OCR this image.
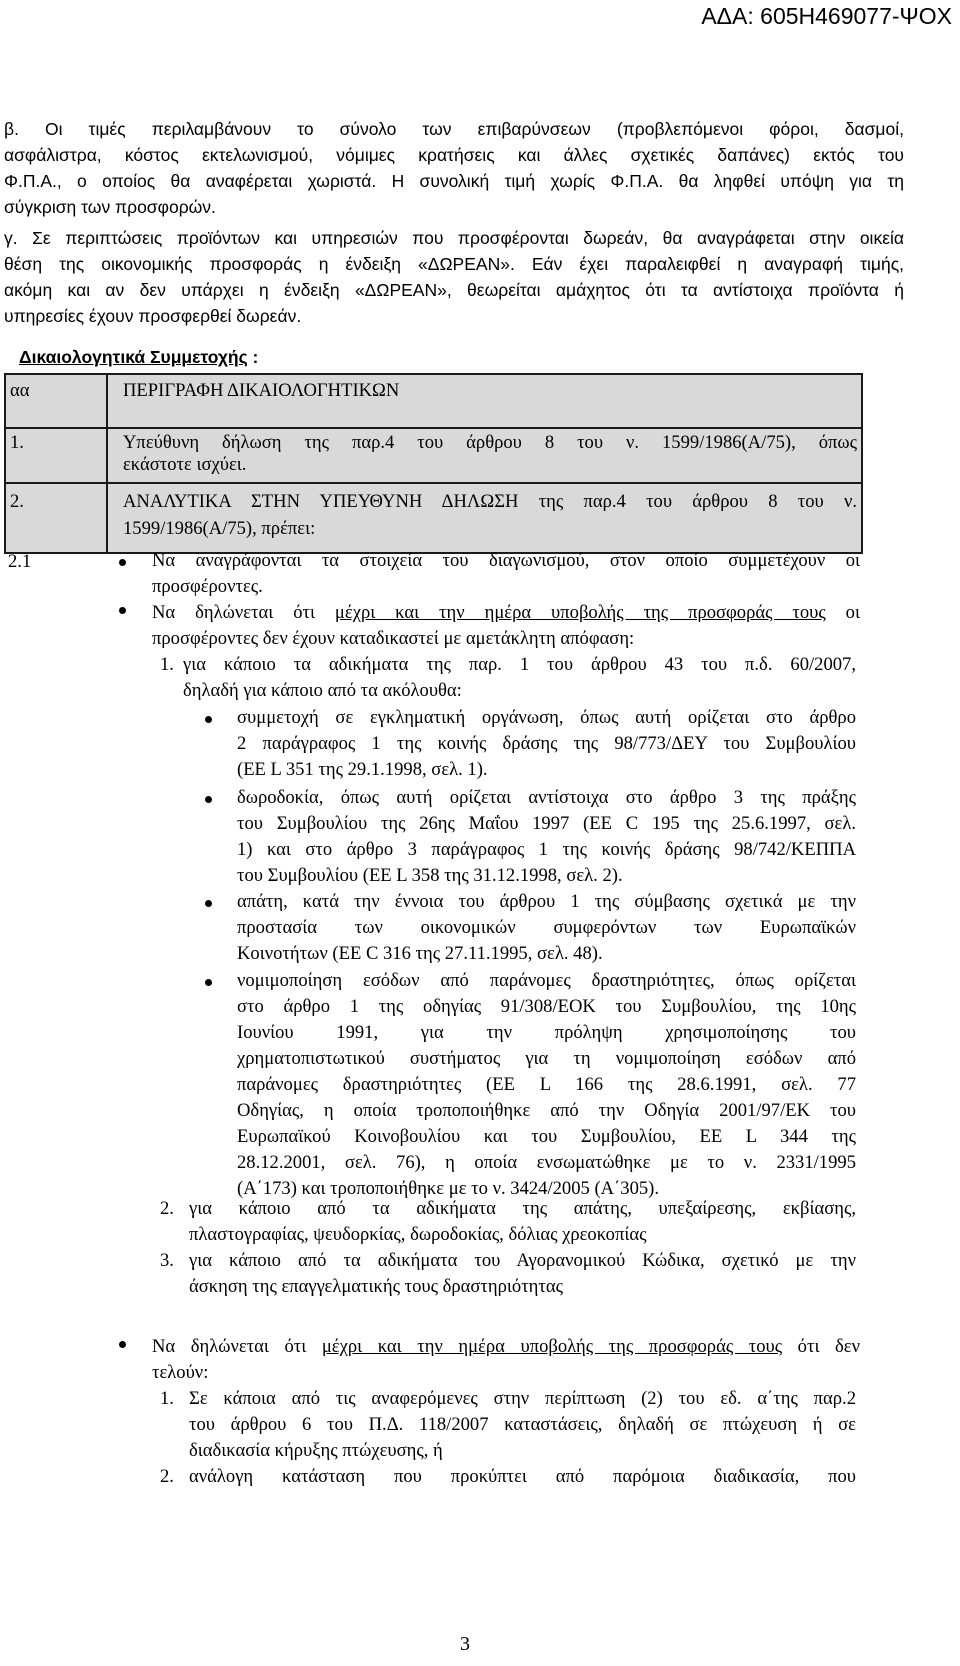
ΑΔΑ: 605Η469077-ΨΟΧ

β. Οι τιμές περιλαμβάνουν το σύνολο των επιβαρύνσεων (προβλεπόμενοι φόροι, δασμοί,

ασφάλιστρα, κόστος εκτελωνισμού, νόμιμες κρατήσεις και άλλες σχετικές δαπάνες) εκτός του

Φ.Π.Α., ο οποίος θα αναφέρεται χωριστά. Η συνολική τιμή χωρίς Φ.Π.Α. θα ληφθεί υπόψη για τη

σύγκριση των προσφορών.

γ. Σε περιπτώσεις προϊόντων και υπηρεσιών που προσφέρονται δωρεάν, θα αναγράφεται στην οικεία

θέση της οικονομικής προσφοράς η ένδειξη «ΔΩΡΕΑΝ». Εάν έχει παραλειφθεί η αναγραφή τιμής,

ακόμη και αν δεν υπάρχει η ένδειξη «ΔΩΡΕΑΝ», θεωρείται αμάχητος ότι τα αντίστοιχα προϊόντα ή

υπηρεσίες έχουν προσφερθεί δωρεάν.

Δικαιολογητικά Συμμετοχής :
αα	ΠΕΡΙΓΡΑΦΗ ΔΙΚΑΙΟΛΟΓΗΤΙΚΩΝ
1.	Υπεύθυνη δήλωση της παρ.4 του άρθρου 8 του ν. 1599/1986(Α/75), όπως
εκάστοτε ισχύει.

2.	ΑΝΑΛΥΤΙΚΑ ΣΤΗΝ ΥΠΕΥΘΥΝΗ ΔΗΛΩΣΗ της παρ.4 του άρθρου 8 του ν.
1599/1986(Α/75), πρέπει:
2.1	Να αναγράφονται τα στοιχεία του διαγωνισμού, στον οποίο συμμετέχουν οι
προσφέροντες.
Να δηλώνεται ότι μέχρι και την ημέρα υποβολής της προσφοράς τους οι
προσφέροντες δεν έχουν καταδικαστεί με αμετάκλητη απόφαση:
1. για κάποιο τα αδικήματα της παρ. 1 του άρθρου 43 του π.δ. 60/2007,
δηλαδή για κάποιο από τα ακόλουθα:
συμμετοχή σε εγκληματική οργάνωση, όπως αυτή ορίζεται στο άρθρο
2 παράγραφος 1 της κοινής δράσης της 98/773/ΔΕΥ του Συμβουλίου
(ΕΕ L 351 της 29.1.1998, σελ. 1).
δωροδοκία, όπως αυτή ορίζεται αντίστοιχα στο άρθρο 3 της πράξης
του Συμβουλίου της 26ης Μαΐου 1997 (ΕΕ C 195 της 25.6.1997, σελ.
1) και στο άρθρο 3 παράγραφος 1 της κοινής δράσης 98/742/ΚΕΠΠΑ
του Συμβουλίου (ΕΕ L 358 της 31.12.1998, σελ. 2).
απάτη, κατά την έννοια του άρθρου 1 της σύμβασης σχετικά με την
προστασία των οικονομικών συμφερόντων των Ευρωπαϊκών
Κοινοτήτων (ΕΕ C 316 της 27.11.1995, σελ. 48).
νομιμοποίηση εσόδων από παράνομες δραστηριότητες, όπως ορίζεται
στο άρθρο 1 της οδηγίας 91/308/ΕΟΚ του Συμβουλίου, της 10ης
Ιουνίου 1991, για την πρόληψη χρησιμοποίησης του
χρηματοπιστωτικού συστήματος για τη νομιμοποίηση εσόδων από
παράνομες δραστηριότητες (ΕΕ L 166 της 28.6.1991, σελ. 77
Οδηγίας, η οποία τροποποιήθηκε από την Οδηγία 2001/97/ΕΚ του
Ευρωπαϊκού Κοινοβουλίου και του Συμβουλίου, ΕΕ L 344 της
28.12.2001, σελ. 76), η οποία ενσωματώθηκε με το ν. 2331/1995
(Α΄173) και τροποποιήθηκε με το ν. 3424/2005 (Α΄305).
2. για κάποιο από τα αδικήματα της απάτης, υπεξαίρεσης, εκβίασης,
πλαστογραφίας, ψευδορκίας, δωροδοκίας, δόλιας χρεοκοπίας
3. για κάποιο από τα αδικήματα του Αγορανομικού Κώδικα, σχετικό με την
άσκηση της επαγγελματικής τους δραστηριότητας
Να δηλώνεται ότι μέχρι και την ημέρα υποβολής της προσφοράς τους ότι δεν
τελούν:
1. Σε κάποια από τις αναφερόμενες στην περίπτωση (2) του εδ. α΄της παρ.2
του άρθρου 6 του Π.Δ. 118/2007 καταστάσεις, δηλαδή σε πτώχευση ή σε
διαδικασία κήρυξης πτώχευσης, ή
2. ανάλογη κατάσταση που προκύπτει από παρόμοια διαδικασία, που
3
